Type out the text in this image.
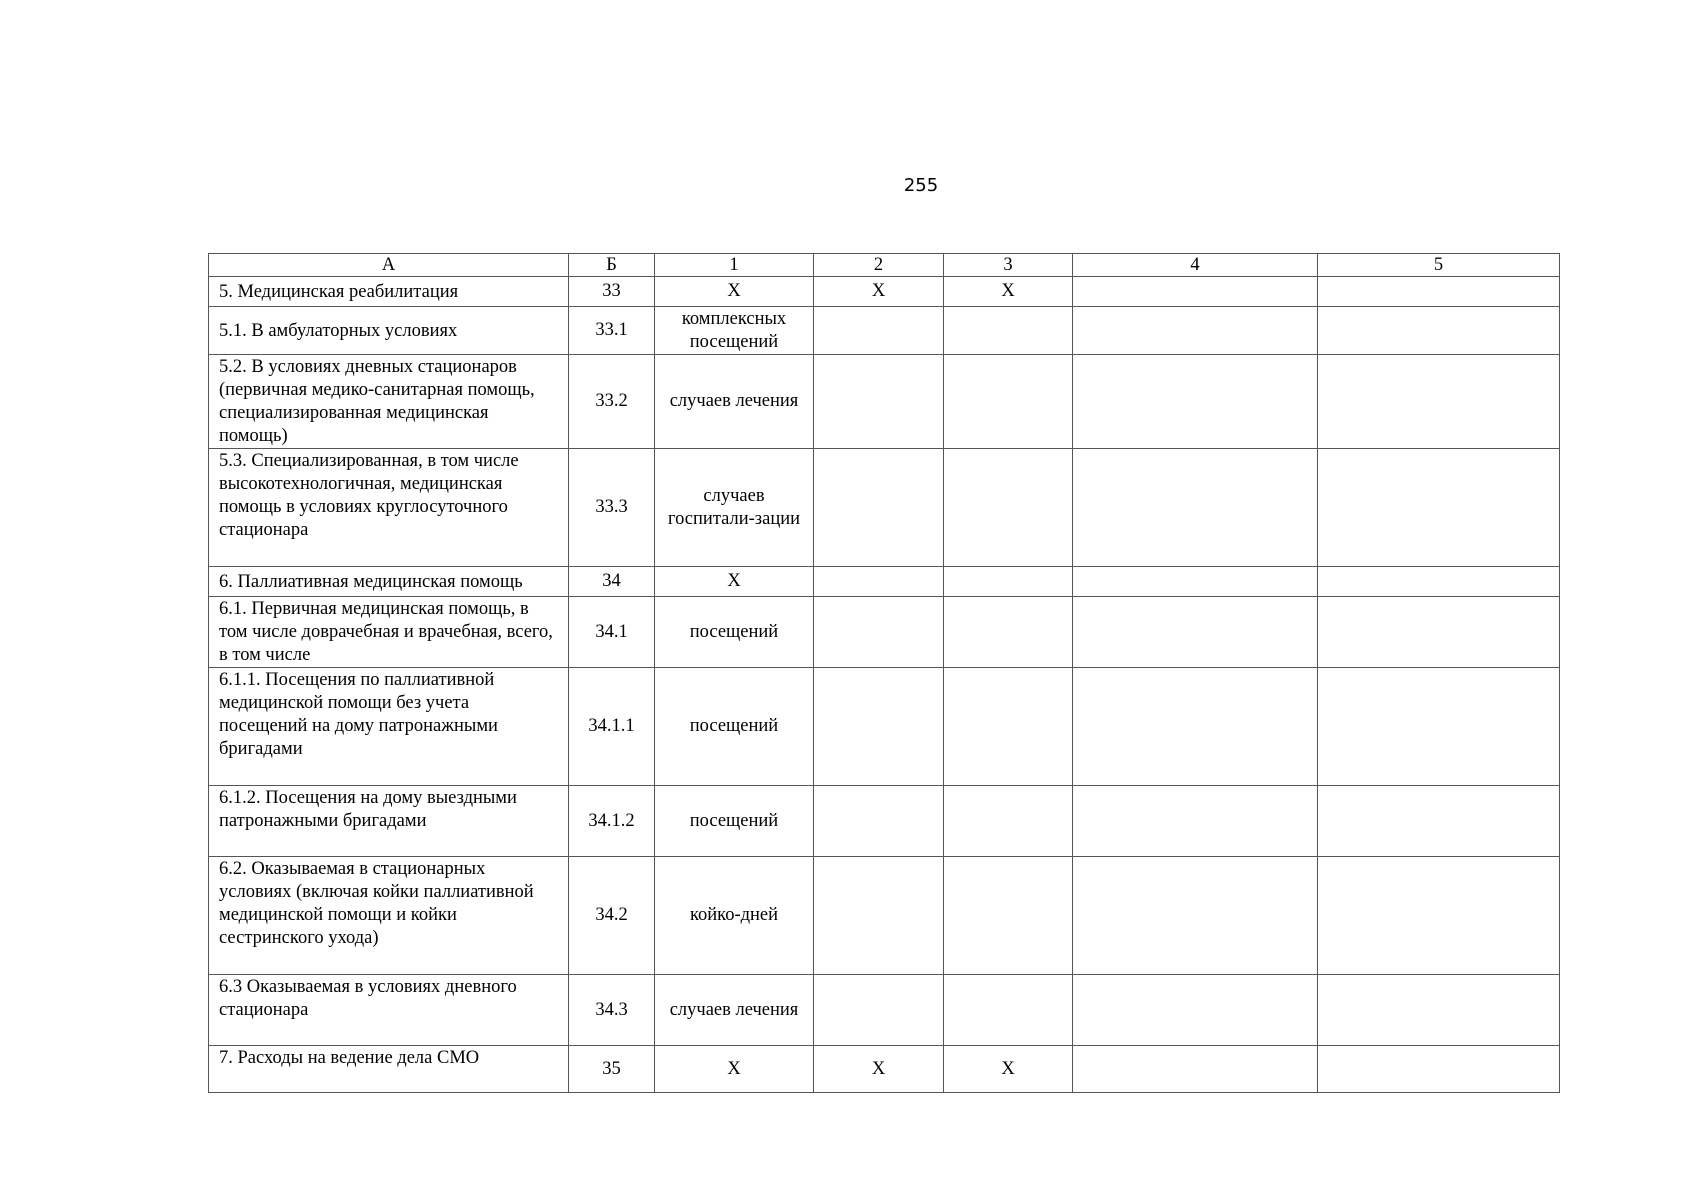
255
А	Б	1	2	3	4	5
5. Медицинская реабилитация	33	Х	Х	Х		
5.1. В амбулаторных условиях	33.1	комплексных посещений				
5.2. В условиях дневных стационаров (первичная медико-санитарная помощь, специализированная медицинская помощь)	33.2	случаев лечения				
5.3. Специализированная, в том числе высокотехнологичная, медицинская помощь в условиях круглосуточного стационара	33.3	случаев госпитали-зации				
6. Паллиативная медицинская помощь	34	Х				
6.1. Первичная медицинская помощь, в том числе доврачебная и врачебная, всего, в том числе	34.1	посещений				
6.1.1. Посещения по паллиативной медицинской помощи без учета посещений на дому патронажными бригадами	34.1.1	посещений				
6.1.2. Посещения на дому выездными патронажными бригадами	34.1.2	посещений				
6.2. Оказываемая в стационарных условиях (включая койки паллиативной медицинской помощи и койки сестринского ухода)	34.2	койко-дней				
6.3 Оказываемая в условиях дневного стационара	34.3	случаев лечения				
7. Расходы на ведение дела СМО	35	Х	Х	Х		
